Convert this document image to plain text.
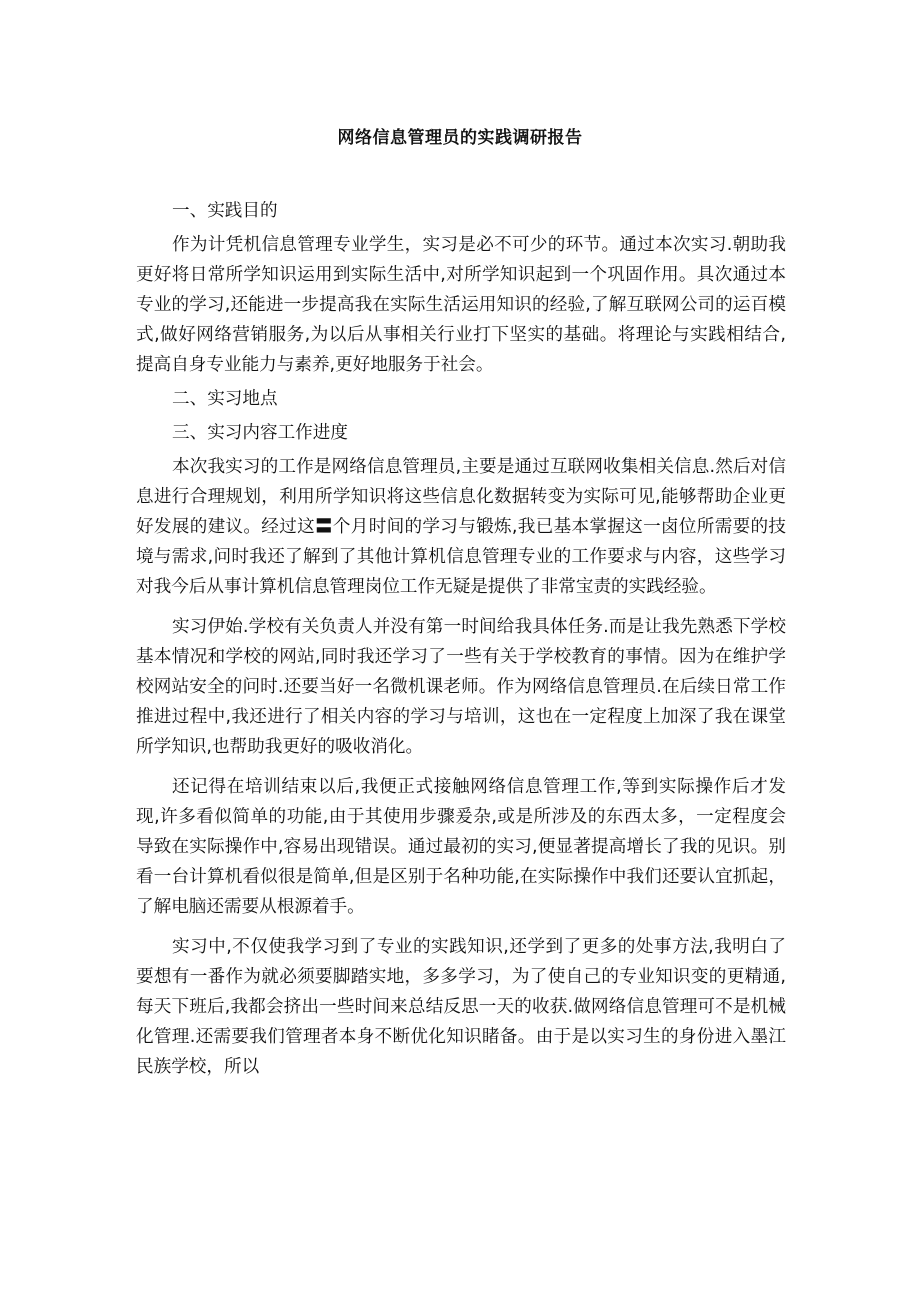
网络信息管理员的实践调研报告
一、实践目的
作为计凭机信息管理专业学生，实习是必不可少的环节。通过本次实习.朝助我更好将日常所学知识运用到实际生活中,对所学知识起到一个巩固作用。具次通过本专业的学习,还能进一步提高我在实际生活运用知识的经验,了解互联网公司的运百模式,做好网络营销服务,为以后从事相关行业打下坚实的基础。将理论与实践相结合,提高自身专业能力与素养,更好地服务于社会。
二、实习地点
三、实习内容工作进度
本次我实习的工作是网络信息管理员,主要是通过互联网收集相关信息.然后对信息进行合理规划，利用所学知识将这些信息化数据转变为实际可见,能够帮助企业更好发展的建议。经过这〓个月时间的学习与锻炼,我已基本掌握这一卤位所需要的技境与需求,问时我还了解到了其他计算机信息管理专业的工作要求与内容，这些学习对我今后从事计算机信息管理岗位工作无疑是提供了非常宝责的实践经验。
实习伊始.学校有关负责人并没有第一时间给我具体任务.而是让我先熟悉下学校基本情况和学校的网站,同时我还学习了一些有关于学校教育的事情。因为在维护学校网站安全的问时.还要当好一名微机课老师。作为网络信息管理员.在后续日常工作推进过程中,我还进行了相关内容的学习与培训，这也在一定程度上加深了我在课堂所学知识,也帮助我更好的吸收消化。
还记得在培训结束以后,我便正式接触网络信息管理工作,等到实际操作后才发现,许多看似简单的功能,由于其使用步骤爰杂,或是所涉及的东西太多，一定程度会导致在实际操作中,容易出现错误。通过最初的实习,便显著提高增长了我的见识。别看一台计算机看似很是简单,但是区别于名种功能,在实际操作中我们还要认宜抓起，了解电脑还需要从根源着手。
实习中,不仅使我学习到了专业的实践知识,还学到了更多的处事方法,我明白了要想有一番作为就必须要脚踏实地，多多学习，为了使自己的专业知识变的更精通,每天下班后,我都会挤出一些时间来总结反思一天的收获.做网络信息管理可不是机械化管理.还需要我们管理者本身不断优化知识睹备。由于是以实习生的身份进入墨江民族学校，所以
